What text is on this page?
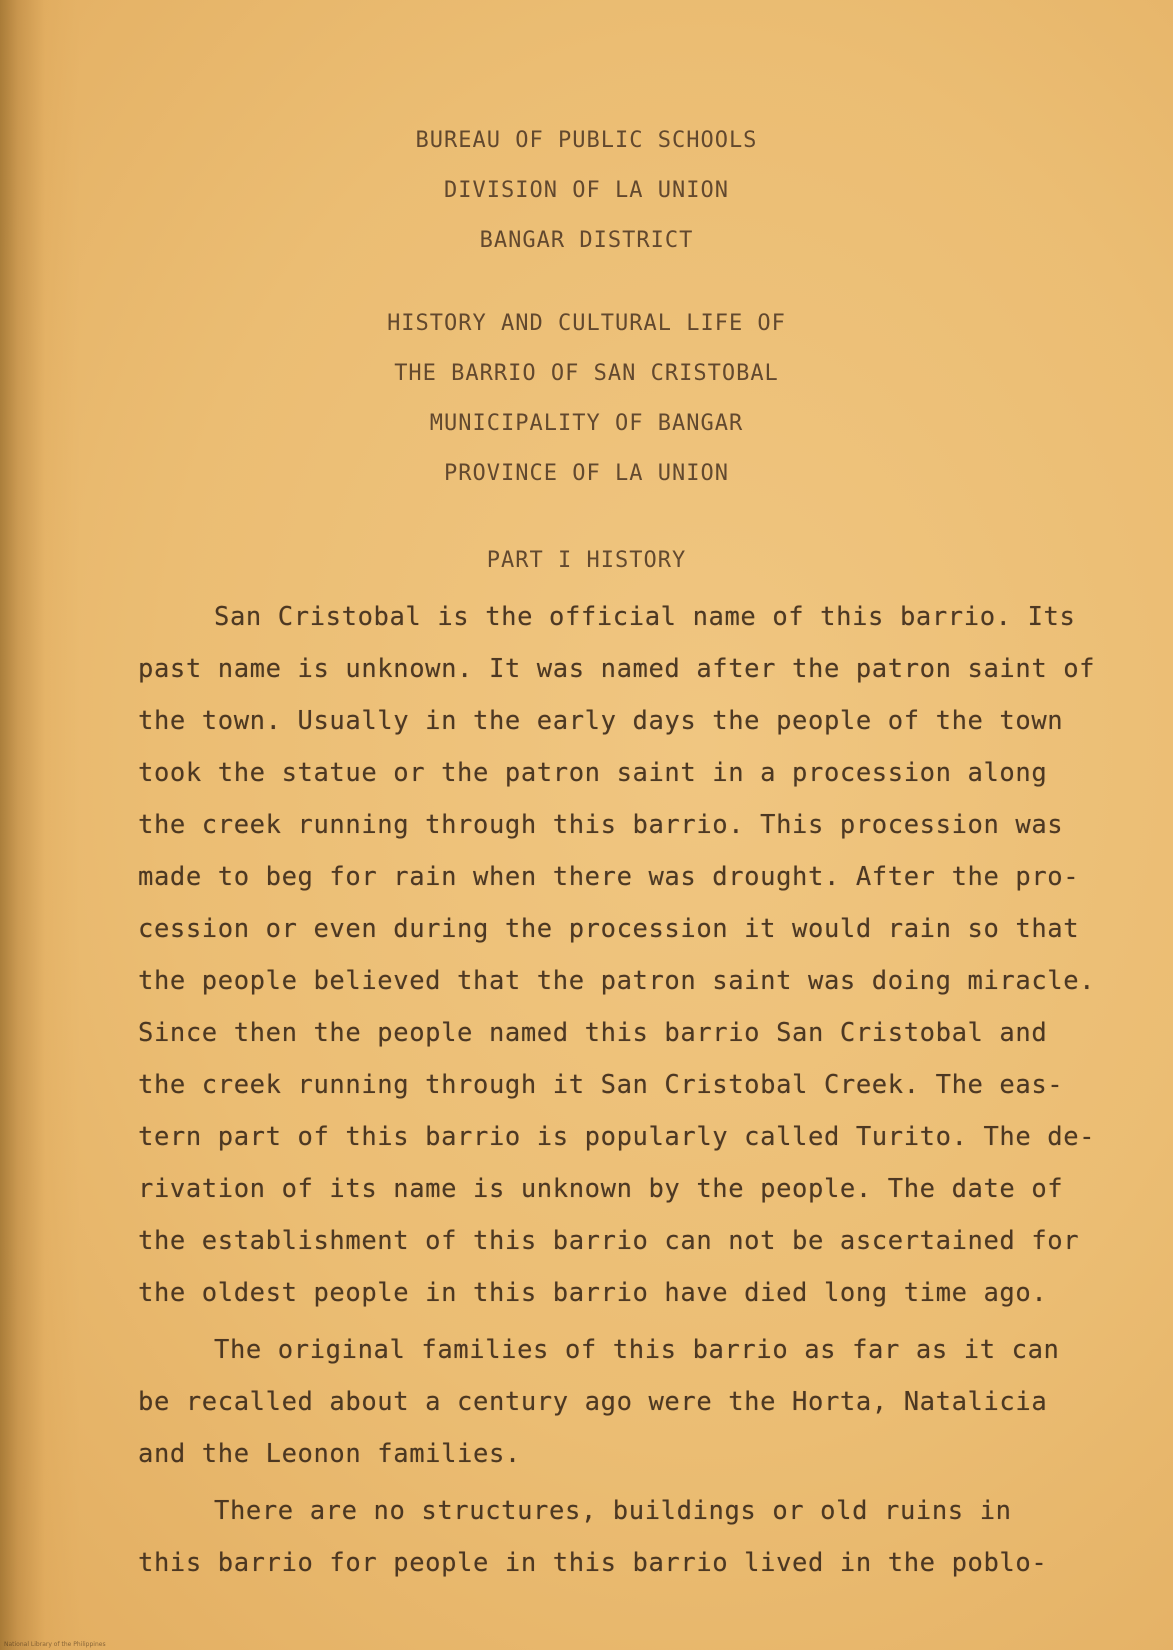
BUREAU OF PUBLIC SCHOOLS
DIVISION OF LA UNION
BANGAR DISTRICT
HISTORY AND CULTURAL LIFE OF
THE BARRIO OF SAN CRISTOBAL
MUNICIPALITY OF BANGAR
PROVINCE OF LA UNION
PART I HISTORY
San Cristobal is the official name of this barrio. Its
past name is unknown. It was named after the patron saint of
the town. Usually in the early days the people of the town
took the statue or the patron saint in a procession along
the creek running through this barrio. This procession was
made to beg for rain when there was drought. After the pro-
cession or even during the procession it would rain so that
the people believed that the patron saint was doing miracle.
Since then the people named this barrio San Cristobal and
the creek running through it San Cristobal Creek. The eas-
tern part of this barrio is popularly called Turito. The de-
rivation of its name is unknown by the people. The date of
the establishment of this barrio can not be ascertained for
the oldest people in this barrio have died long time ago.
The original families of this barrio as far as it can
be recalled about a century ago were the Horta, Natalicia
and the Leonon families.
There are no structures, buildings or old ruins in
this barrio for people in this barrio lived in the poblo-
National Library of the Philippines
